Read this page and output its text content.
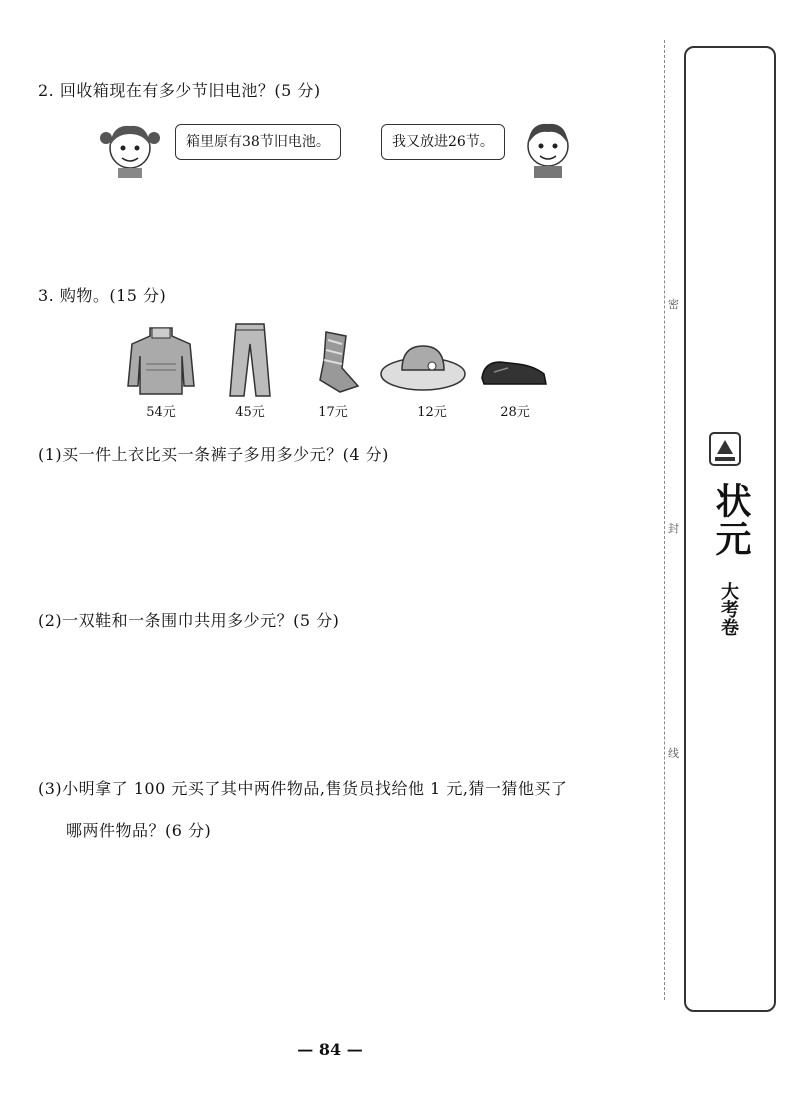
2. 回收箱现在有多少节旧电池？(5 分)
箱里原有38节旧电池。	我又放进26节。
3. 购物。(15 分)
54元	45元	17元	12元	28元
(1)买一件上衣比买一条裤子多用多少元？(4 分)
(2)一双鞋和一条围巾共用多少元？(5 分)
(3)小明拿了 100 元买了其中两件物品,售货员找给他 1 元,猜一猜他买了
哪两件物品？(6 分)
密
封
线
状元
大考卷
— 84 —
